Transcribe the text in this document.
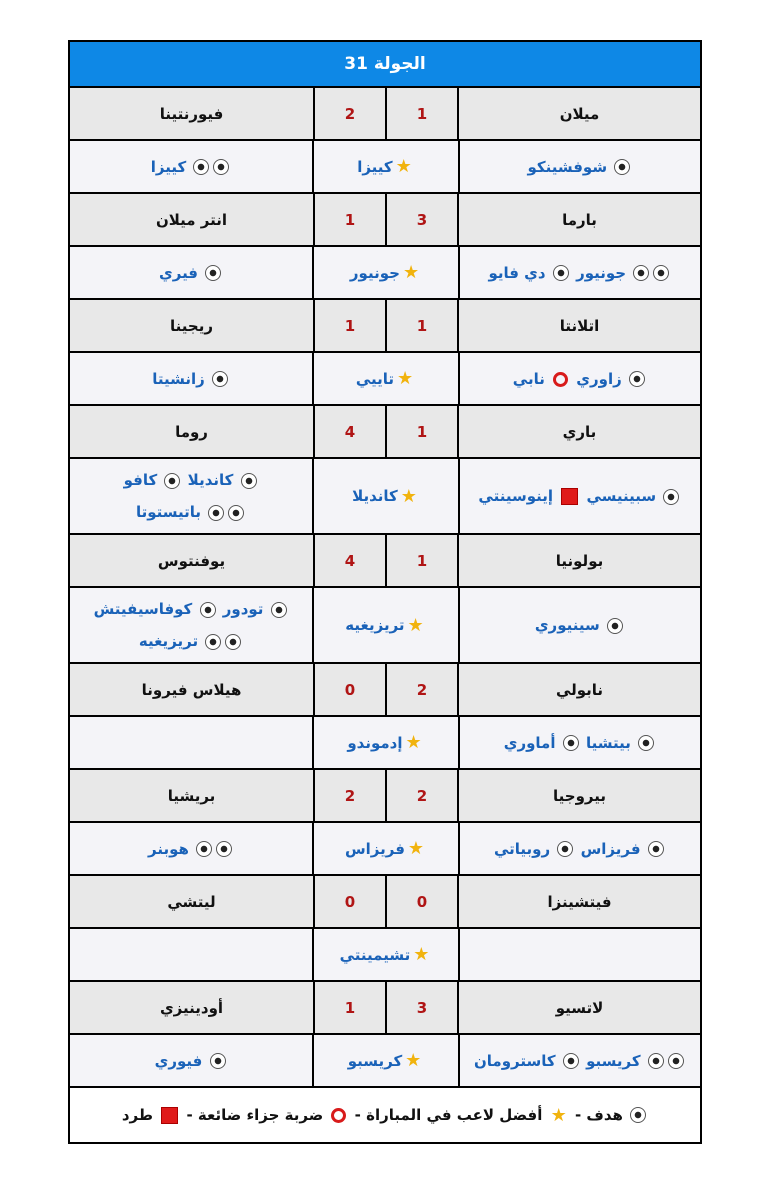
الجولة 31
ميلان
1
2
فيورنتينا
شوفشينكو
★
كييزا
كييزا
بارما
3
1
انتر ميلان
جونيور  دي فايو
★
جونيور
فيري
اتلانتا
1
1
ريجينا
زاوري  نابي
★
تاييي
زانشيتا
باري
1
4
روما
سبينيسي  إينوسينتي
★
كانديلا
كانديلا  كافو
باتيستوتا
بولونيا
1
4
يوفنتوس
سينيوري
★
تريزيغيه
تودور  كوفاسيفيتش
تريزيغيه
نابولي
2
0
هيلاس فيرونا
بيتشيا  أماوري
★
إدموندو
بيروجيا
2
2
بريشيا
فريزاس  روبياتي
★
فريزاس
هوبنر
فيتشينزا
0
0
ليتشي
★
تشيمينتي
لاتسيو
3
1
أودينيزي
كريسبو  كاسترومان
★
كريسبو
فيوري
هدف - ★ أفضل لاعب في المباراة -  ضربة جزاء ضائعة -  طرد
